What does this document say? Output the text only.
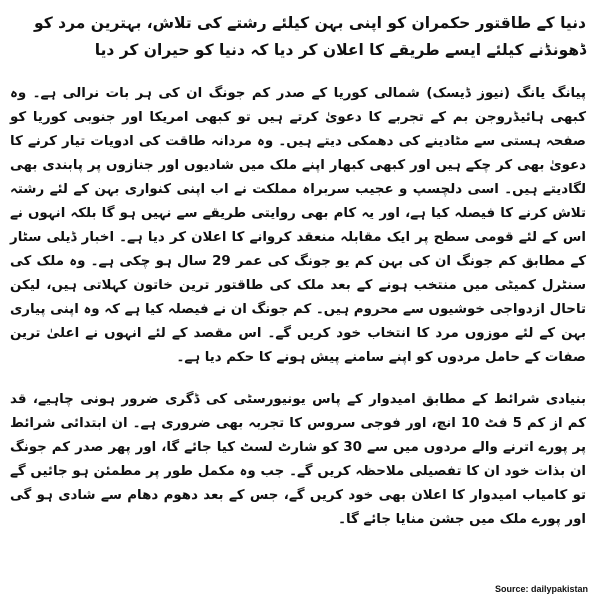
دنیا کے طاقتور حکمران کو اپنی بہن کیلئے رشتے کی تلاش، بہترین مرد کو ڈھونڈنے کیلئے ایسے طریقے کا اعلان کر دیا کہ دنیا کو حیران کر دیا

پیانگ یانگ (نیوز ڈیسک) شمالی کوریا کے صدر کم جونگ ان کی ہر بات نرالی ہے۔ وہ کبھی ہائیڈروجن بم کے تجربے کا دعویٰ کرتے ہیں تو کبھی امریکا اور جنوبی کوریا کو صفحہ ہستی سے مٹادینے کی دھمکی دیتے ہیں۔ وہ مردانہ طاقت کی ادویات تیار کرنے کا دعویٰ بھی کر چکے ہیں اور کبھی کبھار اپنے ملک میں شادیوں اور جنازوں پر پابندی بھی لگادیتے ہیں۔ اسی دلچسپ و عجیب سربراہ مملکت نے اب اپنی کنواری بہن کے لئے رشتہ تلاش کرنے کا فیصلہ کیا ہے، اور یہ کام بھی روایتی طریقے سے نہیں ہو گا بلکہ انہوں نے اس کے لئے قومی سطح پر ایک مقابلہ منعقد کروانے کا اعلان کر دیا ہے۔ اخبار ڈیلی سٹار کے مطابق کم جونگ ان کی بہن کم یو جونگ کی عمر 29 سال ہو چکی ہے۔ وہ ملک کی سنٹرل کمیٹی میں منتخب ہونے کے بعد ملک کی طاقتور ترین خاتون کہلاتی ہیں، لیکن تاحال ازدواجی خوشیوں سے محروم ہیں۔ کم جونگ ان نے فیصلہ کیا ہے کہ وہ اپنی پیاری بہن کے لئے موزوں مرد کا انتخاب خود کریں گے۔ اس مقصد کے لئے انہوں نے اعلیٰ ترین صفات کے حامل مردوں کو اپنے سامنے پیش ہونے کا حکم دیا ہے۔

بنیادی شرائط کے مطابق امیدوار کے پاس یونیورسٹی کی ڈگری ضرور ہونی چاہیے، قد کم از کم 5 فٹ 10 انچ، اور فوجی سروس کا تجربہ بھی ضروری ہے۔ ان ابتدائی شرائط پر پورے اترنے والے مردوں میں سے 30 کو شارٹ لسٹ کیا جائے گا، اور پھر صدر کم جونگ ان بذات خود ان کا تفصیلی ملاحظہ کریں گے۔ جب وہ مکمل طور پر مطمئن ہو جائیں گے تو کامیاب امیدوار کا اعلان بھی خود کریں گے، جس کے بعد دھوم دھام سے شادی ہو گی اور پورے ملک میں جشن منایا جائے گا۔

Source: dailypakistan
